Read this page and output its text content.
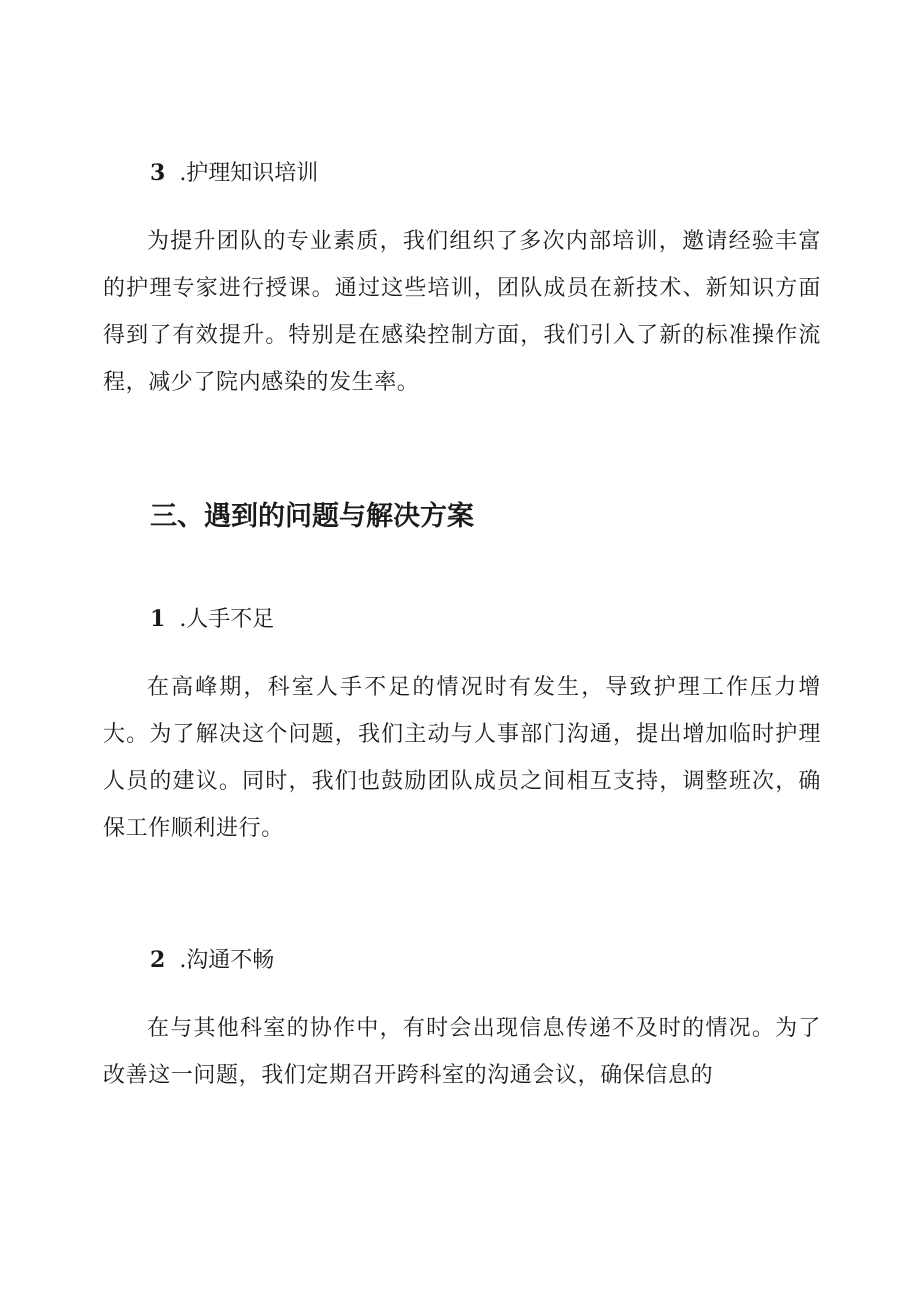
3 .护理知识培训

为提升团队的专业素质，我们组织了多次内部培训，邀请经验丰富的护理专家进行授课。通过这些培训，团队成员在新技术、新知识方面得到了有效提升。特别是在感染控制方面，我们引入了新的标准操作流程，减少了院内感染的发生率。

三、遇到的问题与解决方案
1 .人手不足

在高峰期，科室人手不足的情况时有发生，导致护理工作压力增大。为了解决这个问题，我们主动与人事部门沟通，提出增加临时护理人员的建议。同时，我们也鼓励团队成员之间相互支持，调整班次，确保工作顺利进行。

2 .沟通不畅

在与其他科室的协作中，有时会出现信息传递不及时的情况。为了改善这一问题，我们定期召开跨科室的沟通会议，确保信息的
